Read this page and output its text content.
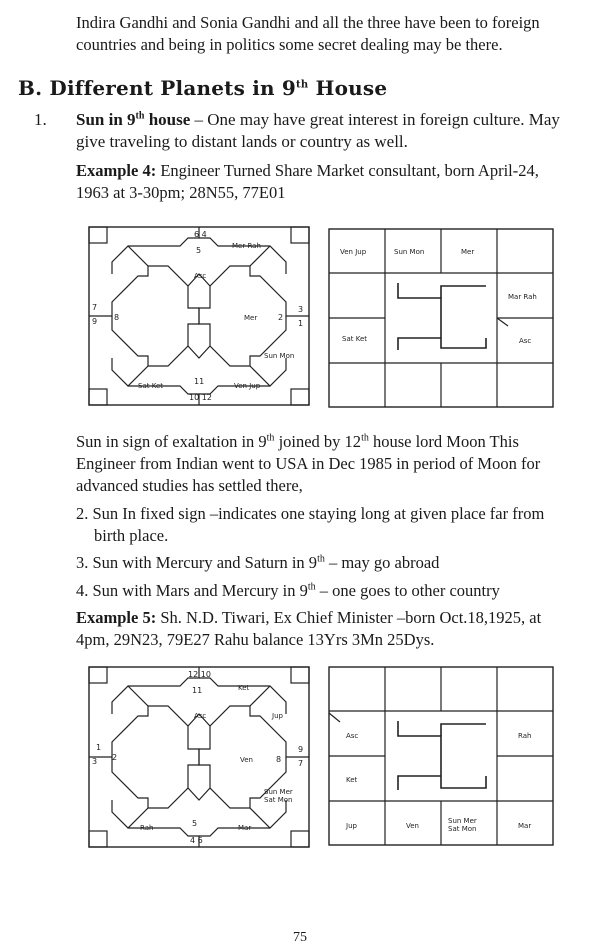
Indira Gandhi and Sonia Gandhi and all the three have been to foreign

countries and being in politics some secret dealing may be there.

B. Different Planets in 9th House
1. Sun in 9th house – One may have great interest in foreign culture. May

give traveling to distant lands or country as well.

Example 4: Engineer Turned Share Market consultant, born April-24,

1963 at 3-30pm; 28N55, 77E01

6 4
5	Mer Rah
Asc
7
9 8	Mer	2
3
1
Sun Mon
Sat Ket	11
10 12
Ven Jup
Ven Jup	Sun Mon	Mer
Mar Rah
Sat Ket	Asc

Sun in sign of exaltation in 9th joined by 12th house lord Moon This

Engineer from Indian went to USA in Dec 1985 in period of Moon for

advanced studies has settled there,

2. Sun In fixed sign –indicates one staying long at given place far from

birth place.

3. Sun with Mercury and Saturn in 9th – may go abroad

4. Sun with Mars and Mercury in 9th – one goes to other country

Example 5: Sh. N.D. Tiwari, Ex Chief Minister –born Oct.18,1925, at

4pm, 29N23, 79E27 Rahu balance 13Yrs 3Mn 25Dys.

12 10
11	Ket
Asc	Jup
1
3 2	Ven	8
9
7
Sun Mer
Sat Mon
Rah	5
4 6
Mar
Asc	Rah
Ket
Jup	Ven
Sun Mer
Sat Mon	Mar
75
